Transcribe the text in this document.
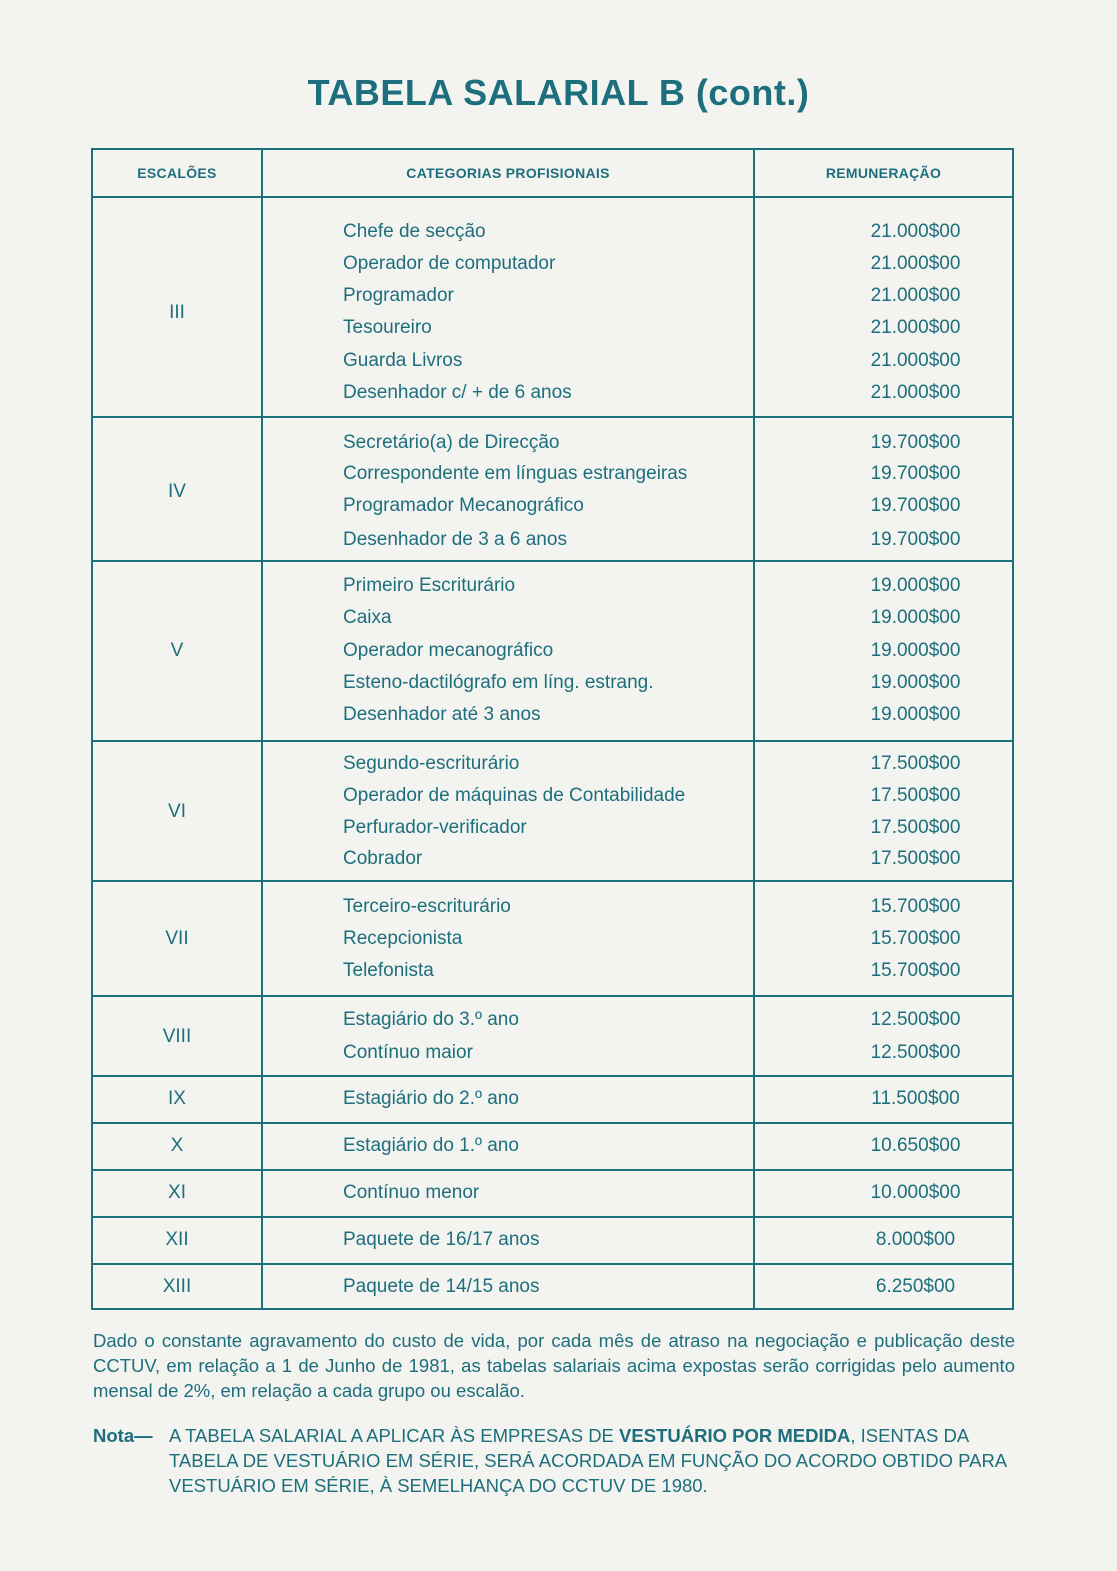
TABELA SALARIAL B (cont.)
ESCALÕES	CATEGORIAS PROFISIONAIS	REMUNERAÇÃO
III
Chefe de secção	21.000$00
Operador de computador	21.000$00
Programador	21.000$00
Tesoureiro	21.000$00
Guarda Livros	21.000$00
Desenhador c/ + de 6 anos	21.000$00
IV
Secretário(a) de Direcção	19.700$00
Correspondente em línguas estrangeiras	19.700$00
Programador Mecanográfico	19.700$00
Desenhador de 3 a 6 anos	19.700$00
V
Primeiro Escriturário	19.000$00
Caixa	19.000$00
Operador mecanográfico	19.000$00
Esteno-dactilógrafo em líng. estrang.	19.000$00
Desenhador até 3 anos	19.000$00
VI
Segundo-escriturário	17.500$00
Operador de máquinas de Contabilidade	17.500$00
Perfurador-verificador	17.500$00
Cobrador	17.500$00
VII
Terceiro-escriturário	15.700$00
Recepcionista	15.700$00
Telefonista	15.700$00
VIII
Estagiário do 3.º ano	12.500$00
Contínuo maior	12.500$00
IX	Estagiário do 2.º ano	11.500$00
X	Estagiário do 1.º ano	10.650$00
XI	Contínuo menor	10.000$00
XII	Paquete de 16/17 anos	8.000$00
XIII	Paquete de 14/15 anos	6.250$00
Dado o constante agravamento do custo de vida, por cada mês de atraso na negociação e publicação deste CCTUV, em relação a 1 de Junho de 1981, as tabelas salariais acima expostas serão corrigidas pelo aumento mensal de 2%, em relação a cada grupo ou escalão.
Nota— A TABELA SALARIAL A APLICAR ÀS EMPRESAS DE VESTUÁRIO POR MEDIDA, ISENTAS DA TABELA DE VESTUÁRIO EM SÉRIE, SERÁ ACORDADA EM FUNÇÃO DO ACORDO OBTIDO PARA VESTUÁRIO EM SÉRIE, À SEMELHANÇA DO CCTUV DE 1980.
